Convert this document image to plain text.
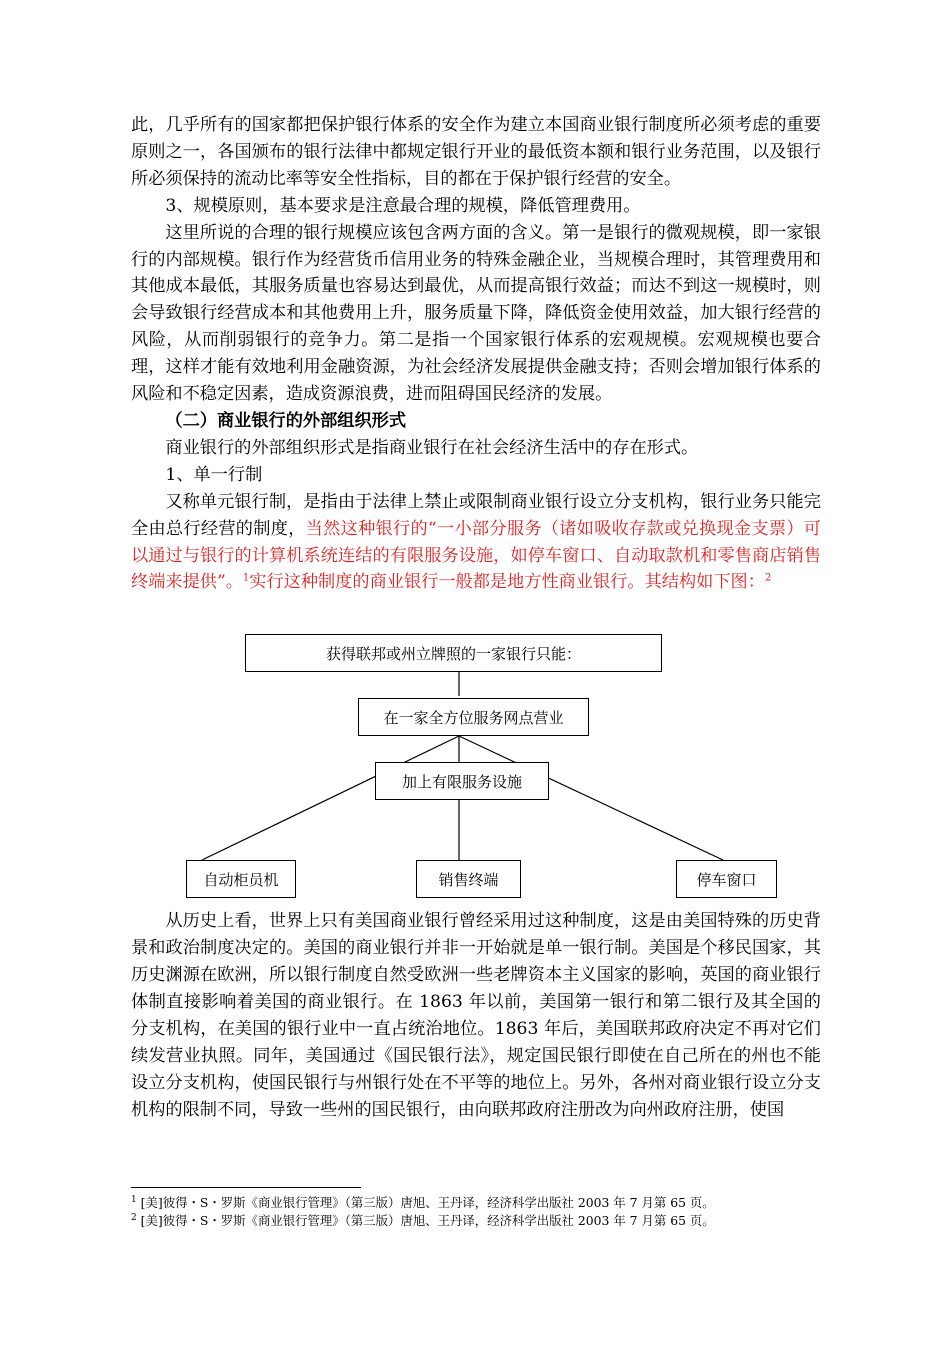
此，几乎所有的国家都把保护银行体系的安全作为建立本国商业银行制度所必须考虑的重要原则之一，各国颁布的银行法律中都规定银行开业的最低资本额和银行业务范围，以及银行所必须保持的流动比率等安全性指标，目的都在于保护银行经营的安全。

3、规模原则，基本要求是注意最合理的规模，降低管理费用。

这里所说的合理的银行规模应该包含两方面的含义。第一是银行的微观规模，即一家银行的内部规模。银行作为经营货币信用业务的特殊金融企业，当规模合理时，其管理费用和其他成本最低，其服务质量也容易达到最优，从而提高银行效益；而达不到这一规模时，则会导致银行经营成本和其他费用上升，服务质量下降，降低资金使用效益，加大银行经营的风险，从而削弱银行的竞争力。第二是指一个国家银行体系的宏观规模。宏观规模也要合理，这样才能有效地利用金融资源，为社会经济发展提供金融支持；否则会增加银行体系的风险和不稳定因素，造成资源浪费，进而阻碍国民经济的发展。

（二）商业银行的外部组织形式

商业银行的外部组织形式是指商业银行在社会经济生活中的存在形式。

1、单一行制

又称单元银行制，是指由于法律上禁止或限制商业银行设立分支机构，银行业务只能完全由总行经营的制度，当然这种银行的“一小部分服务（诸如吸收存款或兑换现金支票）可以通过与银行的计算机系统连结的有限服务设施，如停车窗口、自动取款机和零售商店销售终端来提供”。$^1$实行这种制度的商业银行一般都是地方性商业银行。其结构如下图：$^2$

获得联邦或州立牌照的一家银行只能：
在一家全方位服务网点营业
加上有限服务设施
自动柜员机	销售终端	停车窗口

从历史上看，世界上只有美国商业银行曾经采用过这种制度，这是由美国特殊的历史背景和政治制度决定的。美国的商业银行并非一开始就是单一银行制。美国是个移民国家，其历史渊源在欧洲，所以银行制度自然受欧洲一些老牌资本主义国家的影响，英国的商业银行体制直接影响着美国的商业银行。在 1863 年以前，美国第一银行和第二银行及其全国的分支机构，在美国的银行业中一直占统治地位。1863 年后，美国联邦政府决定不再对它们续发营业执照。同年，美国通过《国民银行法》，规定国民银行即使在自己所在的州也不能设立分支机构，使国民银行与州银行处在不平等的地位上。另外，各州对商业银行设立分支机构的限制不同，导致一些州的国民银行，由向联邦政府注册改为向州政府注册，使国

$^1$ [美]彼得・S・罗斯《商业银行管理》（第三版）唐旭、王丹译，经济科学出版社 2003 年 7 月第 65 页。

$^2$ [美]彼得・S・罗斯《商业银行管理》（第三版）唐旭、王丹译，经济科学出版社 2003 年 7 月第 65 页。
